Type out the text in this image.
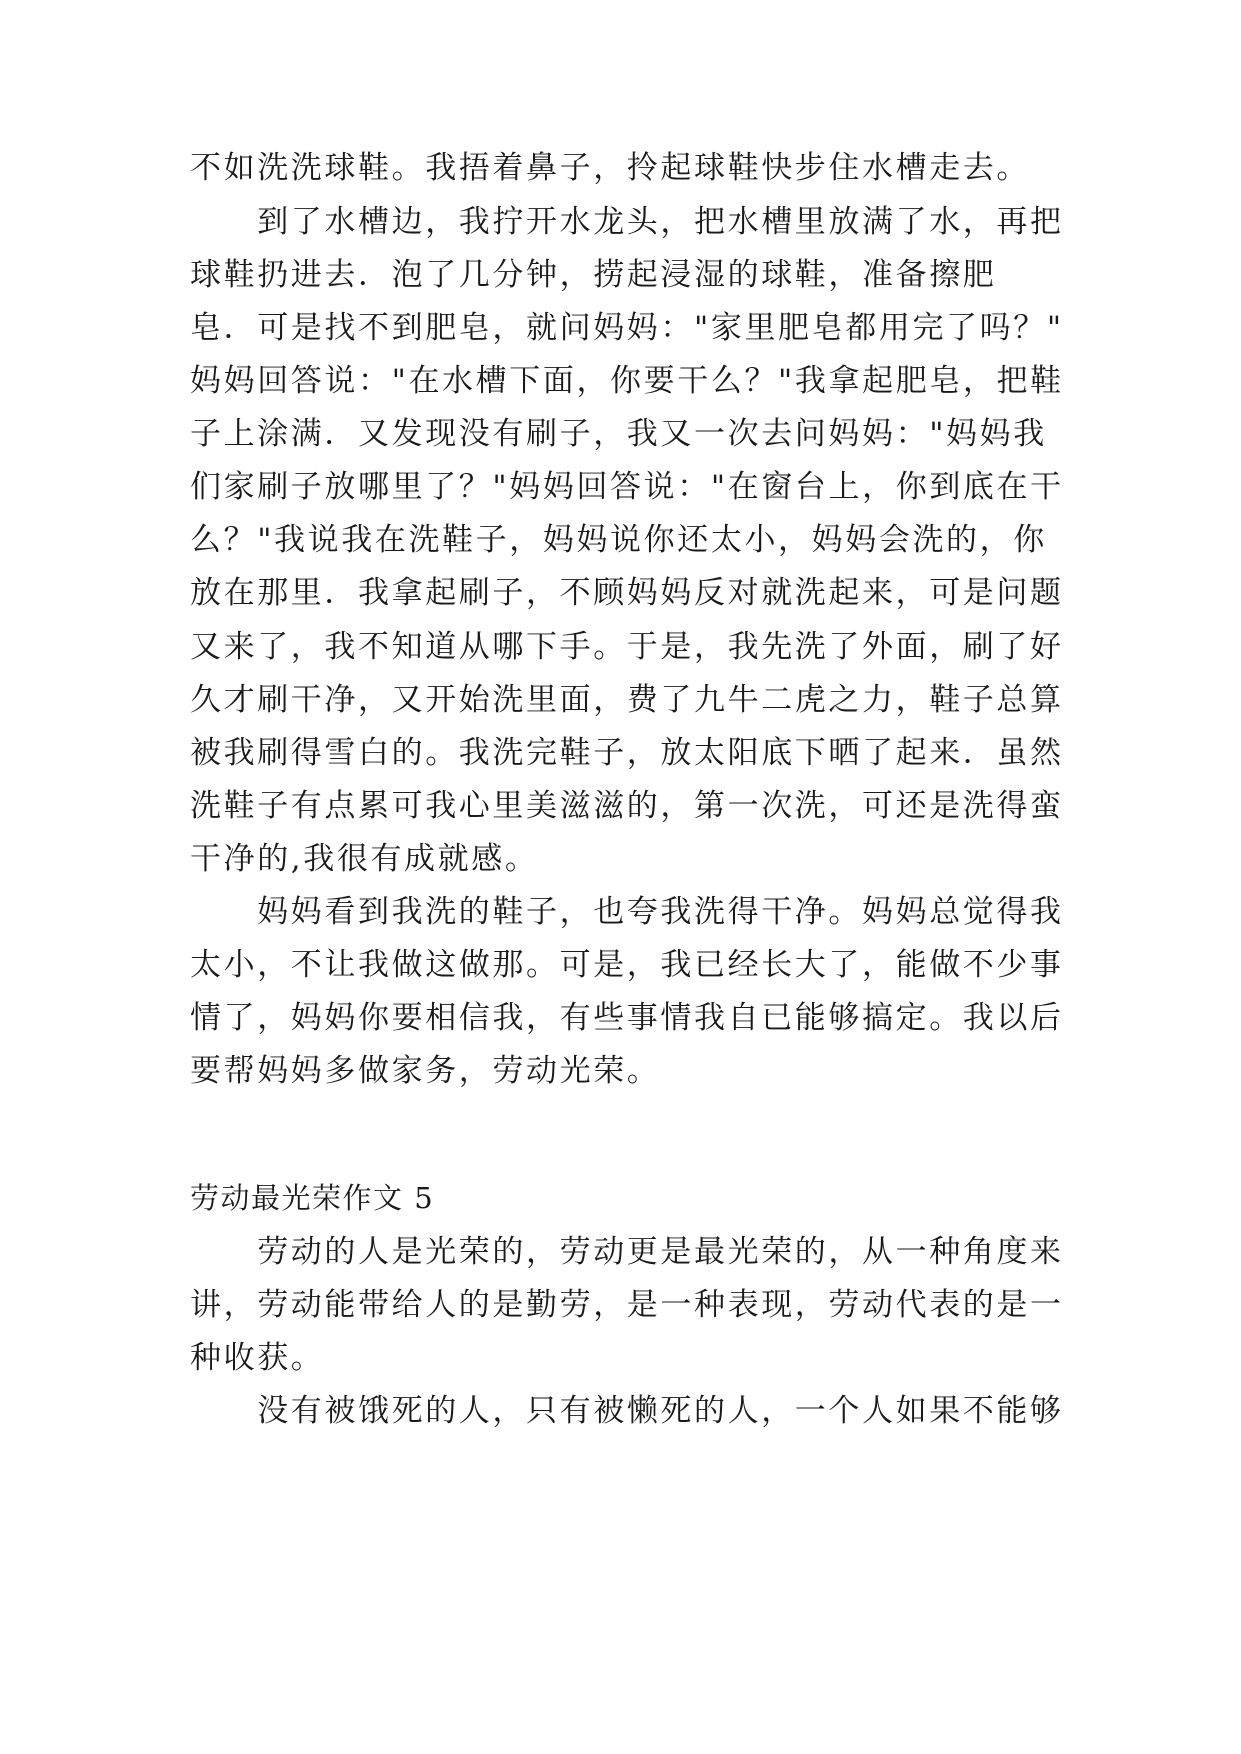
不如洗洗球鞋。我捂着鼻子，拎起球鞋快步住水槽走去。
　　到了水槽边，我拧开水龙头，把水槽里放满了水，再把
球鞋扔进去．泡了几分钟，捞起浸湿的球鞋，准备擦肥
皂．可是找不到肥皂，就问妈妈："家里肥皂都用完了吗？"
妈妈回答说："在水槽下面，你要干么？"我拿起肥皂，把鞋
子上涂满．又发现没有刷子，我又一次去问妈妈："妈妈我
们家刷子放哪里了？"妈妈回答说："在窗台上，你到底在干
么？"我说我在洗鞋子，妈妈说你还太小，妈妈会洗的，你
放在那里．我拿起刷子，不顾妈妈反对就洗起来，可是问题
又来了，我不知道从哪下手。于是，我先洗了外面，刷了好
久才刷干净，又开始洗里面，费了九牛二虎之力，鞋子总算
被我刷得雪白的。我洗完鞋子，放太阳底下晒了起来．虽然
洗鞋子有点累可我心里美滋滋的，第一次洗，可还是洗得蛮
干净的,我很有成就感。
　　妈妈看到我洗的鞋子，也夸我洗得干净。妈妈总觉得我
太小，不让我做这做那。可是，我已经长大了，能做不少事
情了，妈妈你要相信我，有些事情我自已能够搞定。我以后
要帮妈妈多做家务，劳动光荣。
劳动最光荣作文 5
　　劳动的人是光荣的，劳动更是最光荣的，从一种角度来
讲，劳动能带给人的是勤劳，是一种表现，劳动代表的是一
种收获。
　　没有被饿死的人，只有被懒死的人，一个人如果不能够
